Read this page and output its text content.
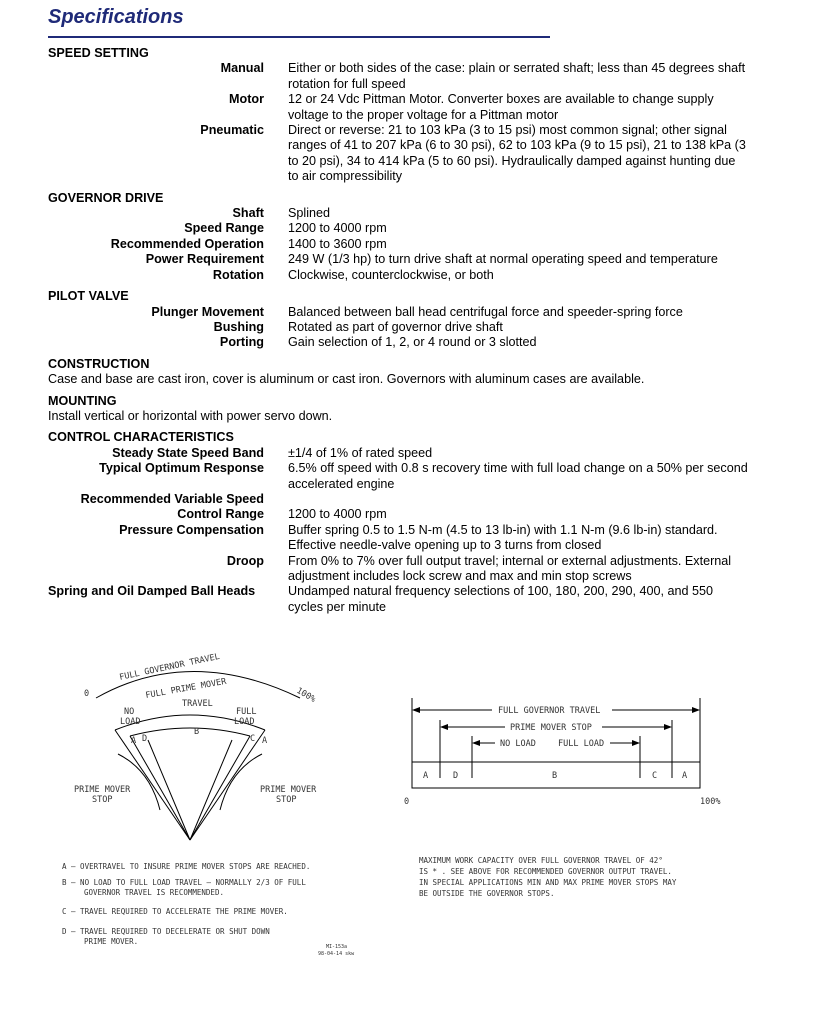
Specifications
SPEED SETTING
Manual Either or both sides of the case: plain or serrated shaft; less than 45 degrees shaft rotation for full speed
Motor 12 or 24 Vdc Pittman Motor. Converter boxes are available to change supply voltage to the proper voltage for a Pittman motor
Pneumatic Direct or reverse: 21 to 103 kPa (3 to 15 psi) most common signal; other signal ranges of 41 to 207 kPa (6 to 30 psi), 62 to 103 kPa (9 to 15 psi), 21 to 138 kPa (3 to 20 psi), 34 to 414 kPa (5 to 60 psi). Hydraulically damped against hunting due to air compressibility
GOVERNOR DRIVE
Shaft Splined
Speed Range 1200 to 4000 rpm
Recommended Operation 1400 to 3600 rpm
Power Requirement 249 W (1/3 hp) to turn drive shaft at normal operating speed and temperature
Rotation Clockwise, counterclockwise, or both
PILOT VALVE
Plunger Movement Balanced between ball head centrifugal force and speeder-spring force
Bushing Rotated as part of governor drive shaft
Porting Gain selection of 1, 2, or 4 round or 3 slotted
CONSTRUCTION
Case and base are cast iron, cover is aluminum or cast iron. Governors with aluminum cases are available.
MOUNTING
Install vertical or horizontal with power servo down.
CONTROL CHARACTERISTICS
Steady State Speed Band ±1/4 of 1% of rated speed
Typical Optimum Response 6.5% off speed with 0.8 s recovery time with full load change on a 50% per second accelerated engine
Recommended Variable Speed
Control Range 1200 to 4000 rpm
Pressure Compensation Buffer spring 0.5 to 1.5 N-m (4.5 to 13 lb-in) with 1.1 N-m (9.6 lb-in) standard. Effective needle-valve opening up to 3 turns from closed
Droop From 0% to 7% over full output travel; internal or external adjustments. External adjustment includes lock screw and max and min stop screws
Spring and Oil Damped Ball Heads	Undamped natural frequency selections of 100, 180, 200, 290, 400, and 550 cycles per minute
FULL GOVERNOR TRAVEL
FULL PRIME MOVER
TRAVEL
NO
LOAD
FULL
LOAD
0	100%
A D
B
C A
PRIME MOVER
STOP
PRIME MOVER
STOP
FULL GOVERNOR TRAVEL
PRIME MOVER STOP
NO LOAD	FULL LOAD
A	D	B	C	A
0	100%
A — OVERTRAVEL TO INSURE PRIME MOVER STOPS ARE REACHED.
B — NO LOAD TO FULL LOAD TRAVEL — NORMALLY 2/3 OF FULL
GOVERNOR TRAVEL IS RECOMMENDED.
C — TRAVEL REQUIRED TO ACCELERATE THE PRIME MOVER.
D — TRAVEL REQUIRED TO DECELERATE OR SHUT DOWN
PRIME MOVER.
MAXIMUM WORK CAPACITY OVER FULL GOVERNOR TRAVEL OF 42°
IS * . SEE ABOVE FOR RECOMMENDED GOVERNOR OUTPUT TRAVEL.
IN SPECIAL APPLICATIONS MIN AND MAX PRIME MOVER STOPS MAY
BE OUTSIDE THE GOVERNOR STOPS.
MI-153a
98-04-14 skw
